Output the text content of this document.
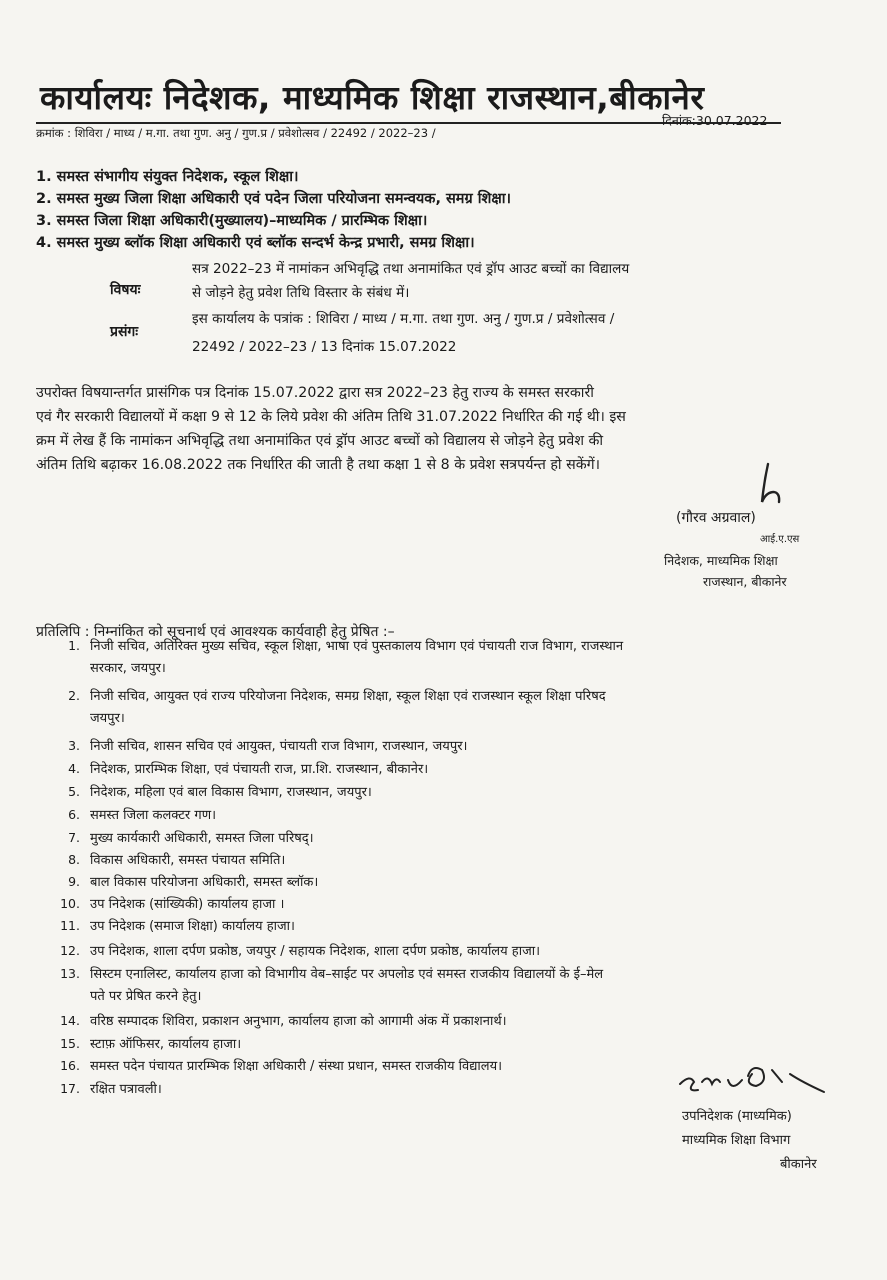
कार्यालयः निदेशक, माध्यमिक शिक्षा राजस्थान,बीकानेर
दिनांक:30.07.2022
क्रमांक : शिविरा / माध्य / म.गा. तथा गुण. अनु / गुण.प्र / प्रवेशोत्सव / 22492 / 2022–23 /
1. समस्त संभागीय संयुक्त निदेशक, स्कूल शिक्षा।
2. समस्त मुख्य जिला शिक्षा अधिकारी एवं पदेन जिला परियोजना समन्वयक, समग्र शिक्षा।
3. समस्त जिला शिक्षा अधिकारी(मुख्यालय)–माध्यमिक / प्रारम्भिक शिक्षा।
4. समस्त मुख्य ब्लॉक शिक्षा अधिकारी एवं ब्लॉक सन्दर्भ केन्द्र प्रभारी, समग्र शिक्षा।
विषयः
सत्र 2022–23 में नामांकन अभिवृद्धि तथा अनामांकित एवं ड्रॉप आउट बच्चों का विद्यालय
से जोड़ने हेतु प्रवेश तिथि विस्तार के संबंध में।
प्रसंगः
इस कार्यालय के पत्रांक : शिविरा / माध्य / म.गा. तथा गुण. अनु / गुण.प्र / प्रवेशोत्सव /
22492 / 2022–23 / 13 दिनांक 15.07.2022
उपरोक्त विषयान्तर्गत प्रासंगिक पत्र दिनांक 15.07.2022 द्वारा सत्र 2022–23 हेतु राज्य के समस्त सरकारी
एवं गैर सरकारी विद्यालयों में कक्षा 9 से 12 के लिये प्रवेश की अंतिम तिथि 31.07.2022 निर्धारित की गई थी। इस
क्रम में लेख हैं कि नामांकन अभिवृद्धि तथा अनामांकित एवं ड्रॉप आउट बच्चों को विद्यालय से जोड़ने हेतु प्रवेश की
अंतिम तिथि बढ़ाकर 16.08.2022 तक निर्धारित की जाती है तथा कक्षा 1 से 8 के प्रवेश सत्रपर्यन्त हो सकेंगें।
(गौरव अग्रवाल)
आई.ए.एस
निदेशक, माध्यमिक शिक्षा
राजस्थान, बीकानेर
प्रतिलिपि : निम्नांकित को सूचनार्थ एवं आवश्यक कार्यवाही हेतु प्रेषित :–
1. निजी सचिव, अतिरिक्त मुख्य सचिव, स्कूल शिक्षा, भाषा एवं पुस्तकालय विभाग एवं पंचायती राज विभाग, राजस्थान
सरकार, जयपुर।
2. निजी सचिव, आयुक्त एवं राज्य परियोजना निदेशक, समग्र शिक्षा, स्कूल शिक्षा एवं राजस्थान स्कूल शिक्षा परिषद
जयपुर।
3. निजी सचिव, शासन सचिव एवं आयुक्त, पंचायती राज विभाग, राजस्थान, जयपुर।
4. निदेशक, प्रारम्भिक शिक्षा, एवं पंचायती राज, प्रा.शि. राजस्थान, बीकानेर।
5. निदेशक, महिला एवं बाल विकास विभाग, राजस्थान, जयपुर।
6. समस्त जिला कलक्टर गण।
7. मुख्य कार्यकारी अधिकारी, समस्त जिला परिषद्।
8. विकास अधिकारी, समस्त पंचायत समिति।
9. बाल विकास परियोजना अधिकारी, समस्त ब्लॉक।
10. उप निदेशक (सांख्यिकी) कार्यालय हाजा ।
11. उप निदेशक (समाज शिक्षा) कार्यालय हाजा।
12. उप निदेशक, शाला दर्पण प्रकोष्ठ, जयपुर / सहायक निदेशक, शाला दर्पण प्रकोष्ठ, कार्यालय हाजा।
13. सिस्टम एनालिस्ट, कार्यालय हाजा को विभागीय वेब–साईट पर अपलोड एवं समस्त राजकीय विद्यालयों के ई–मेल
पते पर प्रेषित करने हेतु।
14. वरिष्ठ सम्पादक शिविरा, प्रकाशन अनुभाग, कार्यालय हाजा को आगामी अंक में प्रकाशनार्थ।
15. स्टाफ़ ऑफिसर, कार्यालय हाजा।
16. समस्त पदेन पंचायत प्रारम्भिक शिक्षा अधिकारी / संस्था प्रधान, समस्त राजकीय विद्यालय।
17. रक्षित पत्रावली।
उपनिदेशक (माध्यमिक)
माध्यमिक शिक्षा विभाग
बीकानेर
